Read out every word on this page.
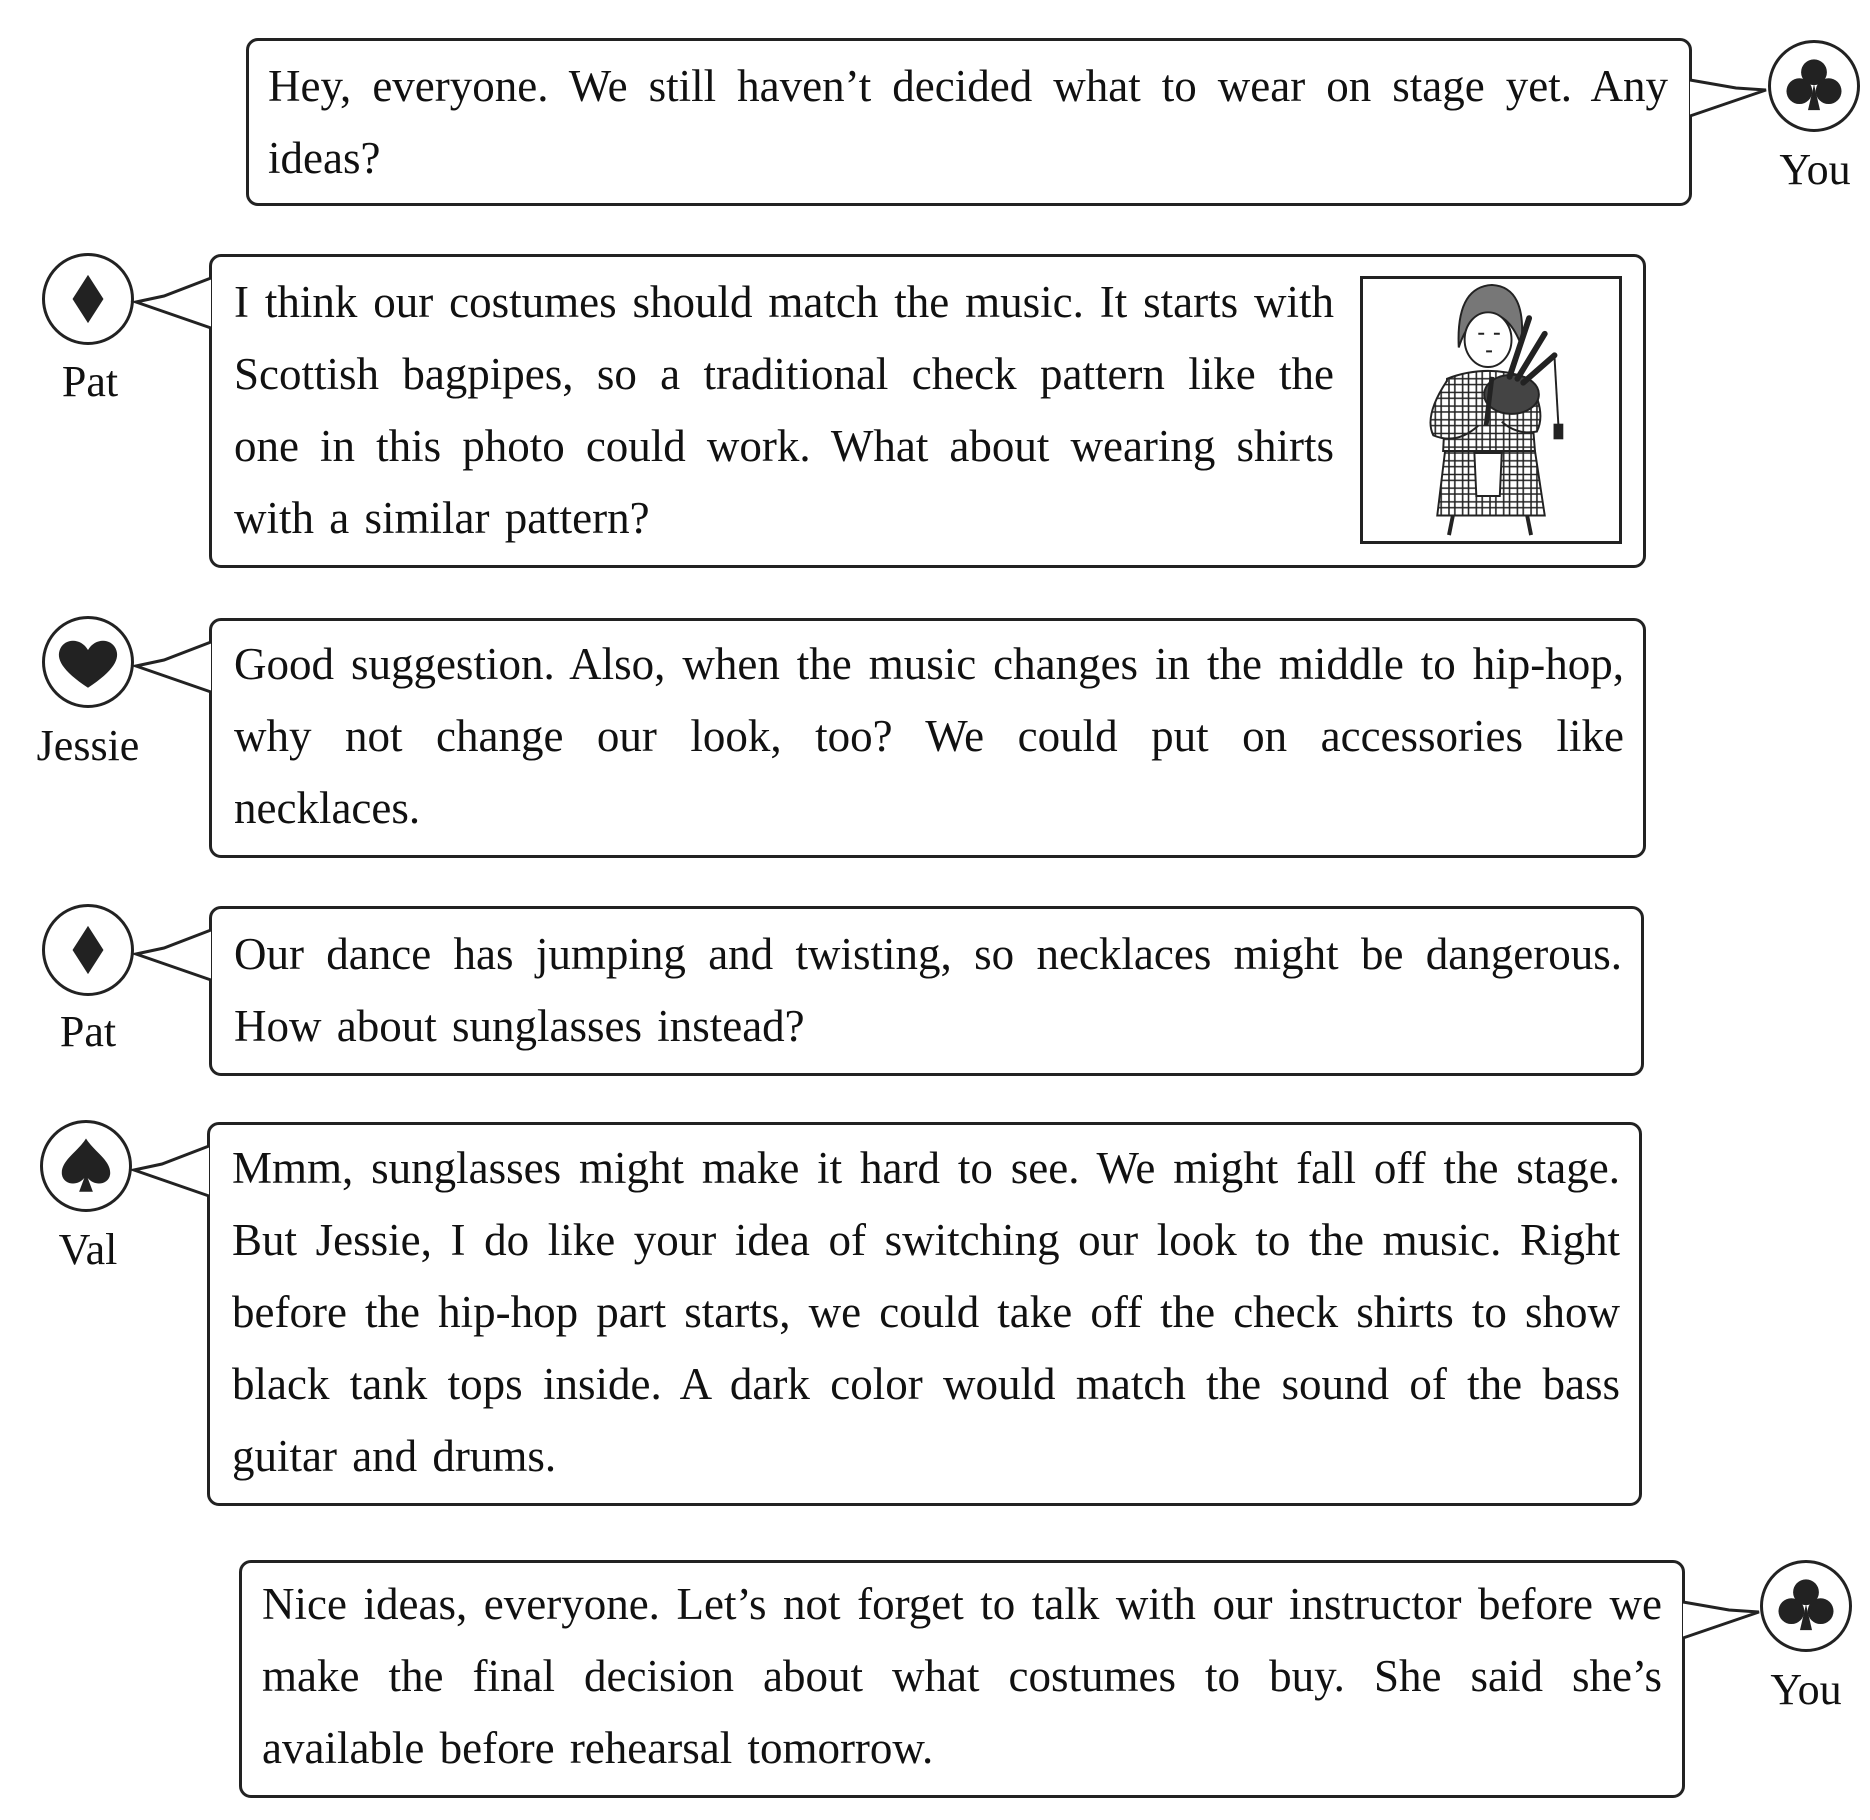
Hey, everyone. We still haven’t decided what to wear on stage yet. Any ideas?	You
Pat
I think our costumes should match the music. It starts with Scottish bagpipes, so a traditional check pattern like the one in this photo could work. What about wearing shirts with a similar pattern?
Jessie
Good suggestion. Also, when the music changes in the middle to hip-hop, why not change our look, too? We could put on accessories like necklaces.
Pat
Our dance has jumping and twisting, so necklaces might be dangerous. How about sunglasses instead?
Val
Mmm, sunglasses might make it hard to see. We might fall off the stage. But Jessie, I do like your idea of switching our look to the music. Right before the hip-hop part starts, we could take off the check shirts to show black tank tops inside. A dark color would match the sound of the bass guitar and drums.
Nice ideas, everyone. Let’s not forget to talk with our instructor before we make the final decision about what costumes to buy. She said she’s available before rehearsal tomorrow.
You
